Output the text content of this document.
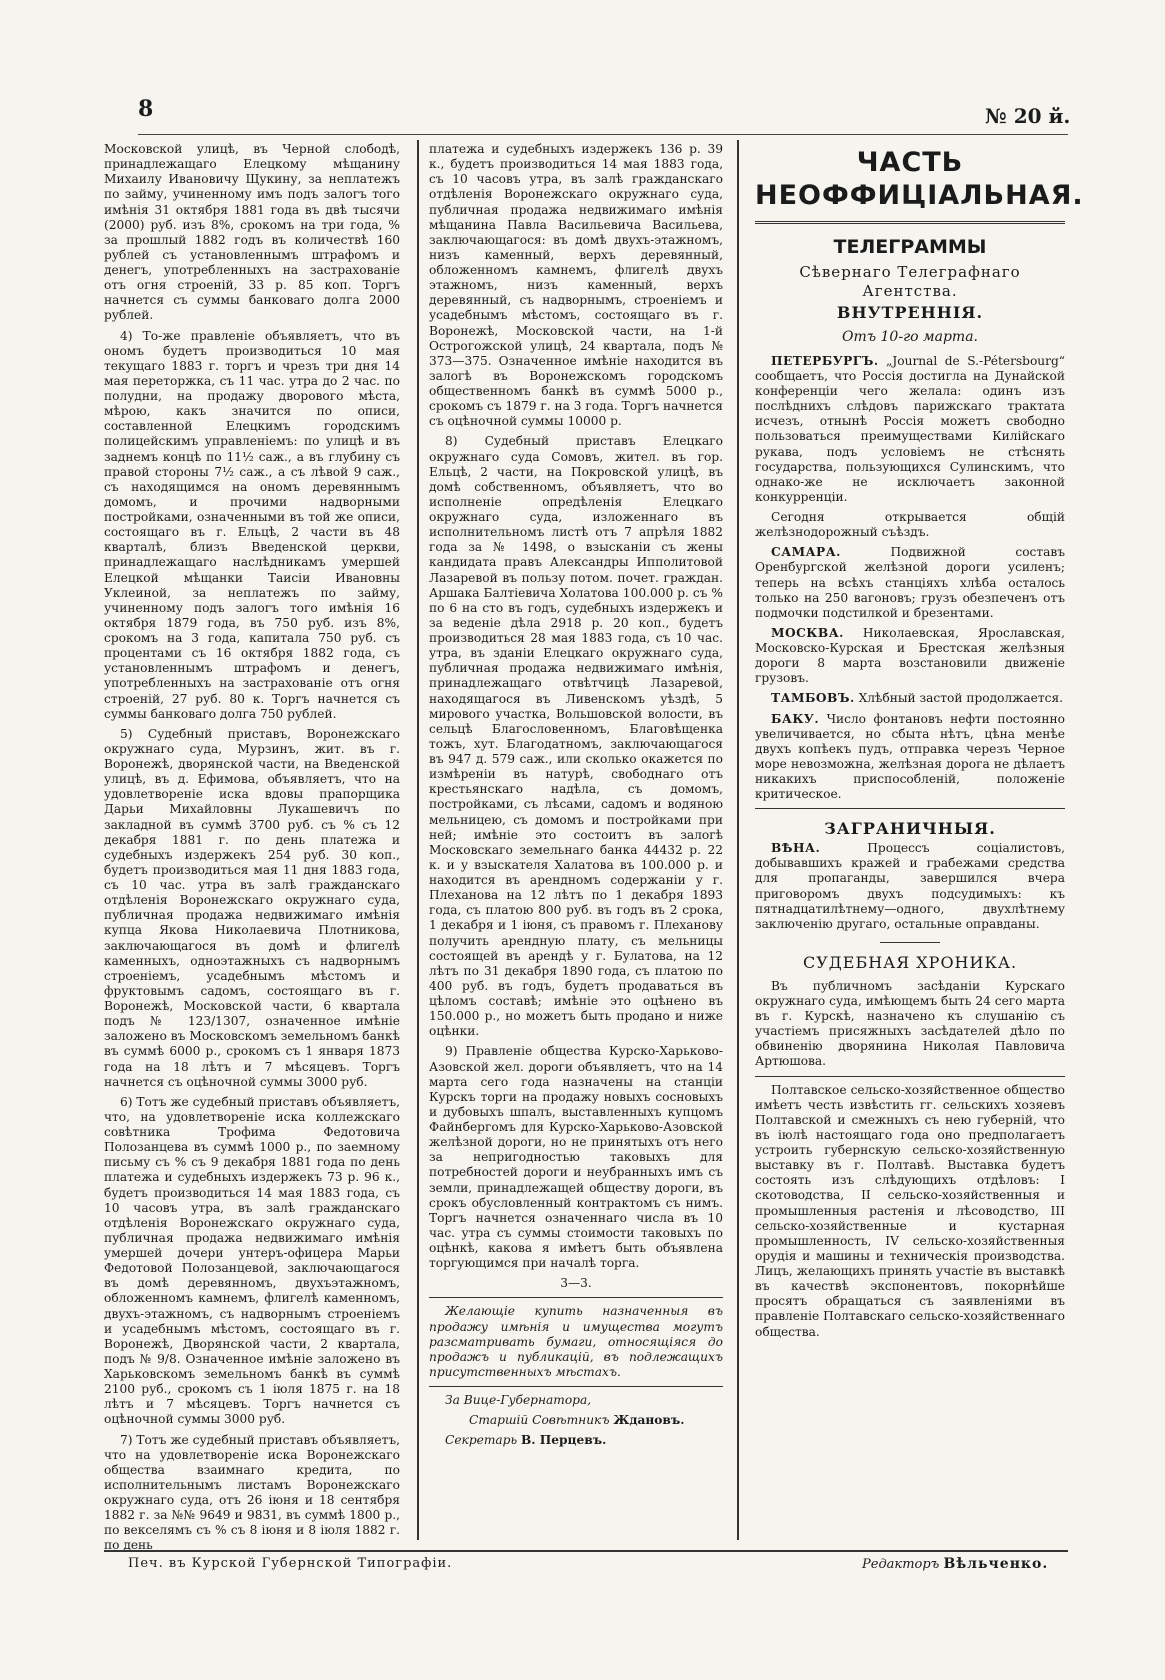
8	№ 20 й.

Московской улицѣ, въ Черной слободѣ, принадлежащаго Елецкому мѣщанину Михаилу Ивановичу Щукину, за неплатежъ по займу, учиненному имъ подъ залогъ того имѣнія 31 октября 1881 года въ двѣ тысячи (2000) руб. изъ 8%, срокомъ на три года, % за прошлый 1882 годъ въ количествѣ 160 рублей съ установленнымъ штрафомъ и денегъ, употребленныхъ на застрахованіе отъ огня строеній, 33 р. 85 коп. Торгъ начнется съ суммы банковаго долга 2000 рублей.

4) То-же правленіе объявляетъ, что въ ономъ будетъ производиться 10 мая текущаго 1883 г. торгъ и чрезъ три дня 14 мая переторжка, съ 11 час. утра до 2 час. по полудни, на продажу дворового мѣста, мѣрою, какъ значится по описи, составленной Елецкимъ городскимъ полицейскимъ управленіемъ: по улицѣ и въ заднемъ концѣ по 11½ саж., а въ глубину съ правой стороны 7½ саж., а съ лѣвой 9 саж., съ находящимся на ономъ деревяннымъ домомъ, и прочими надворными постройками, означенными въ той же описи, состоящаго въ г. Ельцѣ, 2 части въ 48 кварталѣ, близъ Введенской церкви, принадлежащаго наслѣдникамъ умершей Елецкой мѣщанки Таисіи Ивановны Уклеиной, за неплатежъ по займу, учиненному подъ залогъ того имѣнія 16 октября 1879 года, въ 750 руб. изъ 8%, срокомъ на 3 года, капитала 750 руб. съ процентами съ 16 октября 1882 года, съ установленнымъ штрафомъ и денегъ, употребленныхъ на застрахованіе отъ огня строеній, 27 руб. 80 к. Торгъ начнется съ суммы банковаго долга 750 рублей.

5) Судебный приставъ, Воронежскаго окружнаго суда, Мурзинъ, жит. въ г. Воронежѣ, дворянской части, на Введенской улицѣ, въ д. Ефимова, объявляетъ, что на удовлетвореніе иска вдовы прапорщика Дарьи Михайловны Лукашевичъ по закладной въ суммѣ 3700 руб. съ % съ 12 декабря 1881 г. по день платежа и судебныхъ издержекъ 254 руб. 30 коп., будетъ производиться мая 11 дня 1883 года, съ 10 час. утра въ залѣ гражданскаго отдѣленія Воронежскаго окружнаго суда, публичная продажа недвижимаго имѣнія купца Якова Николаевича Плотникова, заключающагося въ домѣ и флигелѣ каменныхъ, одноэтажныхъ съ надворнымъ строеніемъ, усадебнымъ мѣстомъ и фруктовымъ садомъ, состоящаго въ г. Воронежѣ, Московской части, 6 квартала подъ № 123/1307, означенное имѣніе заложено въ Московскомъ земельномъ банкѣ въ суммѣ 6000 р., срокомъ съ 1 января 1873 года на 18 лѣтъ и 7 мѣсяцевъ. Торгъ начнется съ оцѣночной суммы 3000 руб.

6) Тотъ же судебный приставъ объявляетъ, что, на удовлетвореніе иска коллежскаго совѣтника Трофима Федотовича Полозанцева въ суммѣ 1000 р., по заемному письму съ % съ 9 декабря 1881 года по день платежа и судебныхъ издержекъ 73 р. 96 к., будетъ производиться 14 мая 1883 года, съ 10 часовъ утра, въ залѣ гражданскаго отдѣленія Воронежскаго окружнаго суда, публичная продажа недвижимаго имѣнія умершей дочери унтеръ-офицера Марьи Федотовой Полозанцевой, заключающагося въ домѣ деревянномъ, двухъэтажномъ, обложенномъ камнемъ, флигелѣ каменномъ, двухъ-этажномъ, съ надворнымъ строеніемъ и усадебнымъ мѣстомъ, состоящаго въ г. Воронежѣ, Дворянской части, 2 квартала, подъ № 9/8. Означенное имѣніе заложено въ Харьковскомъ земельномъ банкѣ въ суммѣ 2100 руб., срокомъ съ 1 іюля 1875 г. на 18 лѣтъ и 7 мѣсяцевъ. Торгъ начнется съ оцѣночной суммы 3000 руб.

7) Тотъ же судебный приставъ объявляетъ, что на удовлетвореніе иска Воронежскаго общества взаимнаго кредита, по исполнительнымъ листамъ Воронежскаго окружнаго суда, отъ 26 іюня и 18 сентября 1882 г. за №№ 9649 и 9831, въ суммѣ 1800 р., по векселямъ съ % съ 8 іюня и 8 іюля 1882 г. по день

платежа и судебныхъ издержекъ 136 р. 39 к., будетъ производиться 14 мая 1883 года, съ 10 часовъ утра, въ залѣ гражданскаго отдѣленія Воронежскаго окружнаго суда, публичная продажа недвижимаго имѣнія мѣщанина Павла Васильевича Васильева, заключающагося: въ домѣ двухъ-этажномъ, низъ каменный, верхъ деревянный, обложенномъ камнемъ, флигелѣ двухъ этажномъ, низъ каменный, верхъ деревянный, съ надворнымъ, строеніемъ и усадебнымъ мѣстомъ, состоящаго въ г. Воронежѣ, Московской части, на 1-й Острогожской улицѣ, 24 квартала, подъ № 373—375. Означенное имѣніе находится въ залогѣ въ Воронежскомъ городскомъ общественномъ банкѣ въ суммѣ 5000 р., срокомъ съ 1879 г. на 3 года. Торгъ начнется съ оцѣночной суммы 10000 р.

8) Судебный приставъ Елецкаго окружнаго суда Сомовъ, жител. въ гор. Ельцѣ, 2 части, на Покровской улицѣ, въ домѣ собственномъ, объявляетъ, что во исполненіе опредѣленія Елецкаго окружнаго суда, изложеннаго въ исполнительномъ листѣ отъ 7 апрѣля 1882 года за № 1498, о взысканіи съ жены кандидата правъ Александры Ипполитовой Лазаревой въ пользу потом. почет. граждан. Аршака Балтіевича Холатова 100.000 р. съ % по 6 на сто въ годъ, судебныхъ издержекъ и за веденіе дѣла 2918 р. 20 коп., будетъ производиться 28 мая 1883 года, съ 10 час. утра, въ зданіи Елецкаго окружнаго суда, публичная продажа недвижимаго имѣнія, принадлежащаго отвѣтчицѣ Лазаревой, находящагося въ Ливенскомъ уѣздѣ, 5 мирового участка, Вольшовской волости, въ сельцѣ Благословенномъ, Благовѣщенка тожъ, хут. Благодатномъ, заключающагося въ 947 д. 579 саж., или сколько окажется по измѣреніи въ натурѣ, свободнаго отъ крестьянскаго надѣла, съ домомъ, постройками, съ лѣсами, садомъ и водяною мельницею, съ домомъ и постройками при ней; имѣніе это состоитъ въ залогѣ Московскаго земельнаго банка 44432 р. 22 к. и у взыскателя Халатова въ 100.000 р. и находится въ арендномъ содержаніи у г. Плеханова на 12 лѣтъ по 1 декабря 1893 года, съ платою 800 руб. въ годъ въ 2 срока, 1 декабря и 1 іюня, съ правомъ г. Плеханову получить арендную плату, съ мельницы состоящей въ арендѣ у г. Булатова, на 12 лѣтъ по 31 декабря 1890 года, съ платою по 400 руб. въ годъ, будетъ продаваться въ цѣломъ составѣ; имѣніе это оцѣнено въ 150.000 р., но можетъ быть продано и ниже оцѣнки.

9) Правленіе общества Курско-Харьково-Азовской жел. дороги объявляетъ, что на 14 марта сего года назначены на станціи Курскъ торги на продажу новыхъ сосновыхъ и дубовыхъ шпалъ, выставленныхъ купцомъ Файнбергомъ для Курско-Харьково-Азовской желѣзной дороги, но не принятыхъ отъ него за непригодностью таковыхъ для потребностей дороги и неубранныхъ имъ съ земли, принадлежащей обществу дороги, въ срокъ обусловленный контрактомъ съ нимъ. Торгъ начнется означеннаго числа въ 10 час. утра съ суммы стоимости таковыхъ по оцѣнкѣ, какова я имѣетъ быть объявлена торгующимся при началѣ торга.

3—3.

Желающіе купить назначенныя въ продажу имѣнія и имущества могутъ разсматривать бумаги, относящіяся до продажъ и публикацій, въ подлежащихъ присутственныхъ мѣстахъ.

За Вице-Губернатора,

Старшій Совѣтникъ Ждановъ.

Секретарь В. Перцевъ.

ЧАСТЬ НЕОФФИЦІАЛЬНАЯ.
ТЕЛЕГРАММЫ
Сѣвернаго Телеграфнаго Агентства.
ВНУТРЕННІЯ.
Отъ 10-го марта.

ПЕТЕРБУРГЪ. „Journal de S.-Pétersbourg“ сообщаетъ, что Россія достигла на Дунайской конференціи чего желала: одинъ изъ послѣднихъ слѣдовъ парижскаго трактата исчезъ, отнынѣ Россія можетъ свободно пользоваться преимуществами Килійскаго рукава, подъ условіемъ не стѣснять государства, пользующихся Сулинскимъ, что однако-же не исключаетъ законной конкурренціи.

Сегодня открывается общій желѣзнодорожный съѣздъ.

САМАРА. Подвижной составъ Оренбургской желѣзной дороги усиленъ; теперь на всѣхъ станціяхъ хлѣба осталось только на 250 вагоновъ; грузъ обезпеченъ отъ подмочки подстилкой и брезентами.

МОСКВА. Николаевская, Ярославская, Московско-Курская и Брестская желѣзныя дороги 8 марта возстановили движеніе грузовъ.

ТАМБОВЪ. Хлѣбный застой продолжается.

БАКУ. Число фонтановъ нефти постоянно увеличивается, но сбыта нѣтъ, цѣна менѣе двухъ копѣекъ пудъ, отправка черезъ Черное море невозможна, желѣзная дорога не дѣлаетъ никакихъ приспособленій, положеніе критическое.

ЗАГРАНИЧНЫЯ.

ВѢНА. Процессъ соціалистовъ, добывавшихъ кражей и грабежами средства для пропаганды, завершился вчера приговоромъ двухъ подсудимыхъ: къ пятнадцатилѣтнему—одного, двухлѣтнему заключенію другаго, остальные оправданы.

СУДЕБНАЯ ХРОНИКА.

Въ публичномъ засѣданіи Курскаго окружнаго суда, имѣющемъ быть 24 сего марта въ г. Курскѣ, назначено къ слушанію съ участіемъ присяжныхъ засѣдателей дѣло по обвиненію дворянина Николая Павловича Артюшова.

Полтавское сельско-хозяйственное общество имѣетъ честь извѣстить гг. сельскихъ хозяевъ Полтавской и смежныхъ съ нею губерній, что въ іюлѣ настоящаго года оно предполагаетъ устроить губернскую сельско-хозяйственную выставку въ г. Полтавѣ. Выставка будетъ состоять изъ слѣдующихъ отдѣловъ: I скотоводства, II сельско-хозяйственныя и промышленныя растенія и лѣсоводство, III сельско-хозяйственные и кустарная промышленность, IV сельско-хозяйственныя орудія и машины и техническія производства. Лицъ, желающихъ принять участіе въ выставкѣ въ качествѣ экспонентовъ, покорнѣйше просятъ обращаться съ заявленіями въ правленіе Полтавскаго сельско-хозяйственнаго общества.

Печ. въ Курской Губернской Типографіи.	Редакторъ Вѣльченко.
